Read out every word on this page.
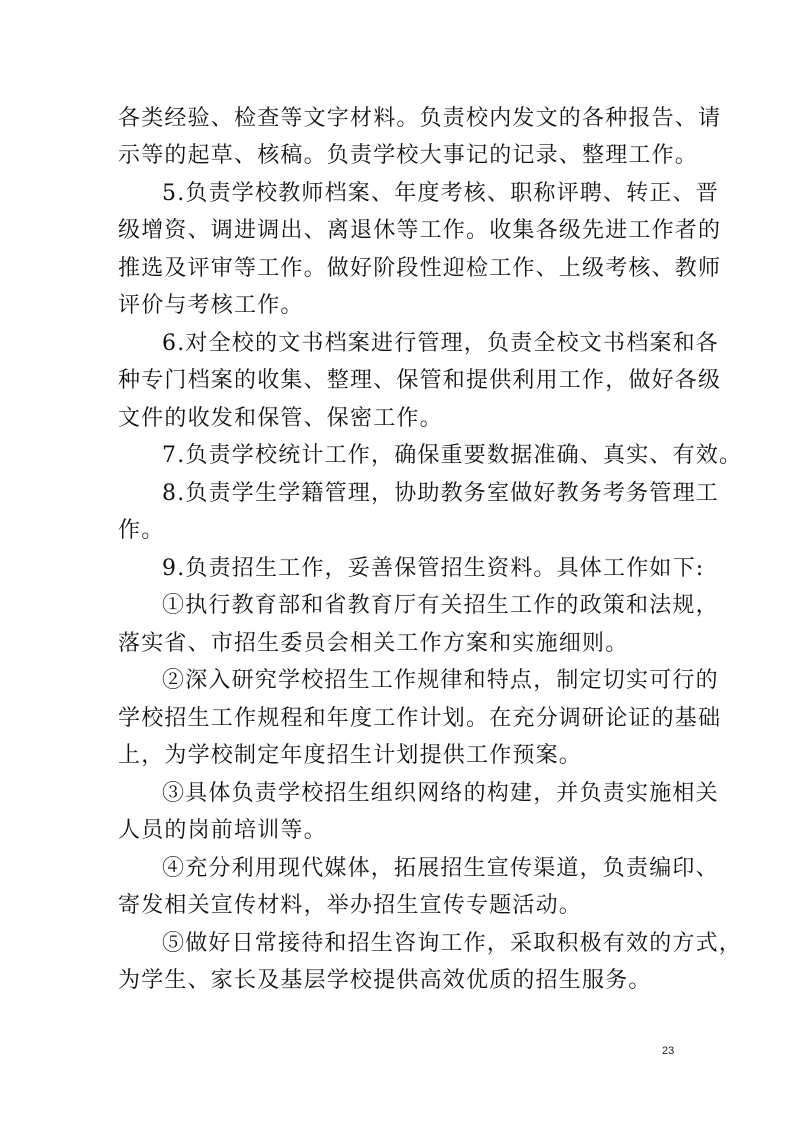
各类经验、检查等文字材料。负责校内发文的各种报告、请
示等的起草、核稿。负责学校大事记的记录、整理工作。
5.负责学校教师档案、年度考核、职称评聘、转正、晋
级增资、调进调出、离退休等工作。收集各级先进工作者的
推选及评审等工作。做好阶段性迎检工作、上级考核、教师
评价与考核工作。
6.对全校的文书档案进行管理，负责全校文书档案和各
种专门档案的收集、整理、保管和提供利用工作，做好各级
文件的收发和保管、保密工作。
7.负责学校统计工作，确保重要数据准确、真实、有效。
8.负责学生学籍管理，协助教务室做好教务考务管理工
作。
9.负责招生工作，妥善保管招生资料。具体工作如下:
①执行教育部和省教育厅有关招生工作的政策和法规，
落实省、市招生委员会相关工作方案和实施细则。
②深入研究学校招生工作规律和特点，制定切实可行的
学校招生工作规程和年度工作计划。在充分调研论证的基础
上，为学校制定年度招生计划提供工作预案。
③具体负责学校招生组织网络的构建，并负责实施相关
人员的岗前培训等。
④充分利用现代媒体，拓展招生宣传渠道，负责编印、
寄发相关宣传材料，举办招生宣传专题活动。
⑤做好日常接待和招生咨询工作，采取积极有效的方式，
为学生、家长及基层学校提供高效优质的招生服务。
23
